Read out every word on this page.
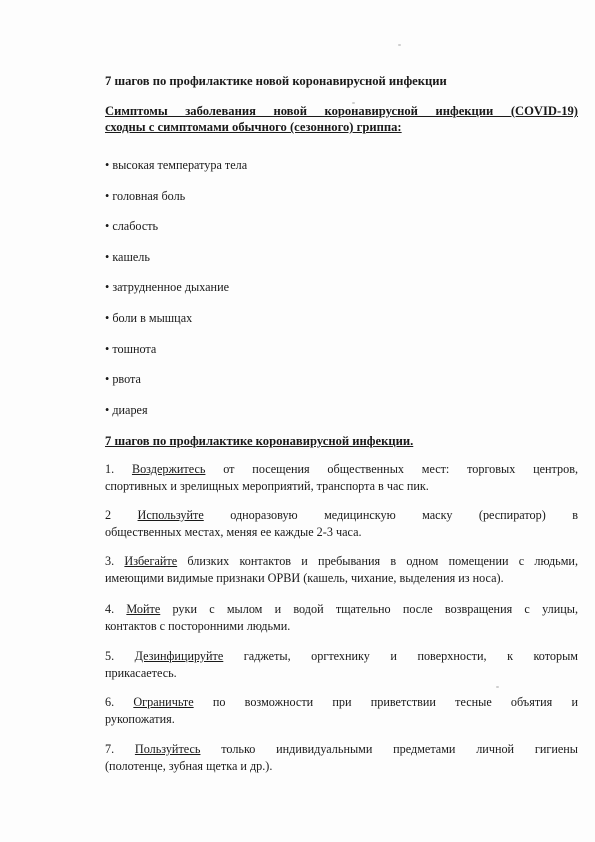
7 шагов по профилактике новой коронавирусной инфекции
Симптомы заболевания новой коронавирусной инфекции (COVID-19)
сходны с симптомами обычного (сезонного) гриппа:
• высокая температура тела
• головная боль
• слабость
• кашель
• затрудненное дыхание
• боли в мышцах
• тошнота
• рвота
• диарея
7 шагов по профилактике коронавирусной инфекции.
1. Воздержитесь от посещения общественных мест: торговых центров,
спортивных и зрелищных мероприятий, транспорта в час пик.
2 Используйте одноразовую медицинскую маску (респиратор) в
общественных местах, меняя ее каждые 2-3 часа.
3. Избегайте близких контактов и пребывания в одном помещении с людьми,
имеющими видимые признаки ОРВИ (кашель, чихание, выделения из носа).
4. Мойте руки с мылом и водой тщательно после возвращения с улицы,
контактов с посторонними людьми.
5. Дезинфицируйте гаджеты, оргтехнику и поверхности, к которым
прикасаетесь.
6. Ограничьте по возможности при приветствии тесные объятия и
рукопожатия.
7. Пользуйтесь только индивидуальными предметами личной гигиены
(полотенце, зубная щетка и др.).
